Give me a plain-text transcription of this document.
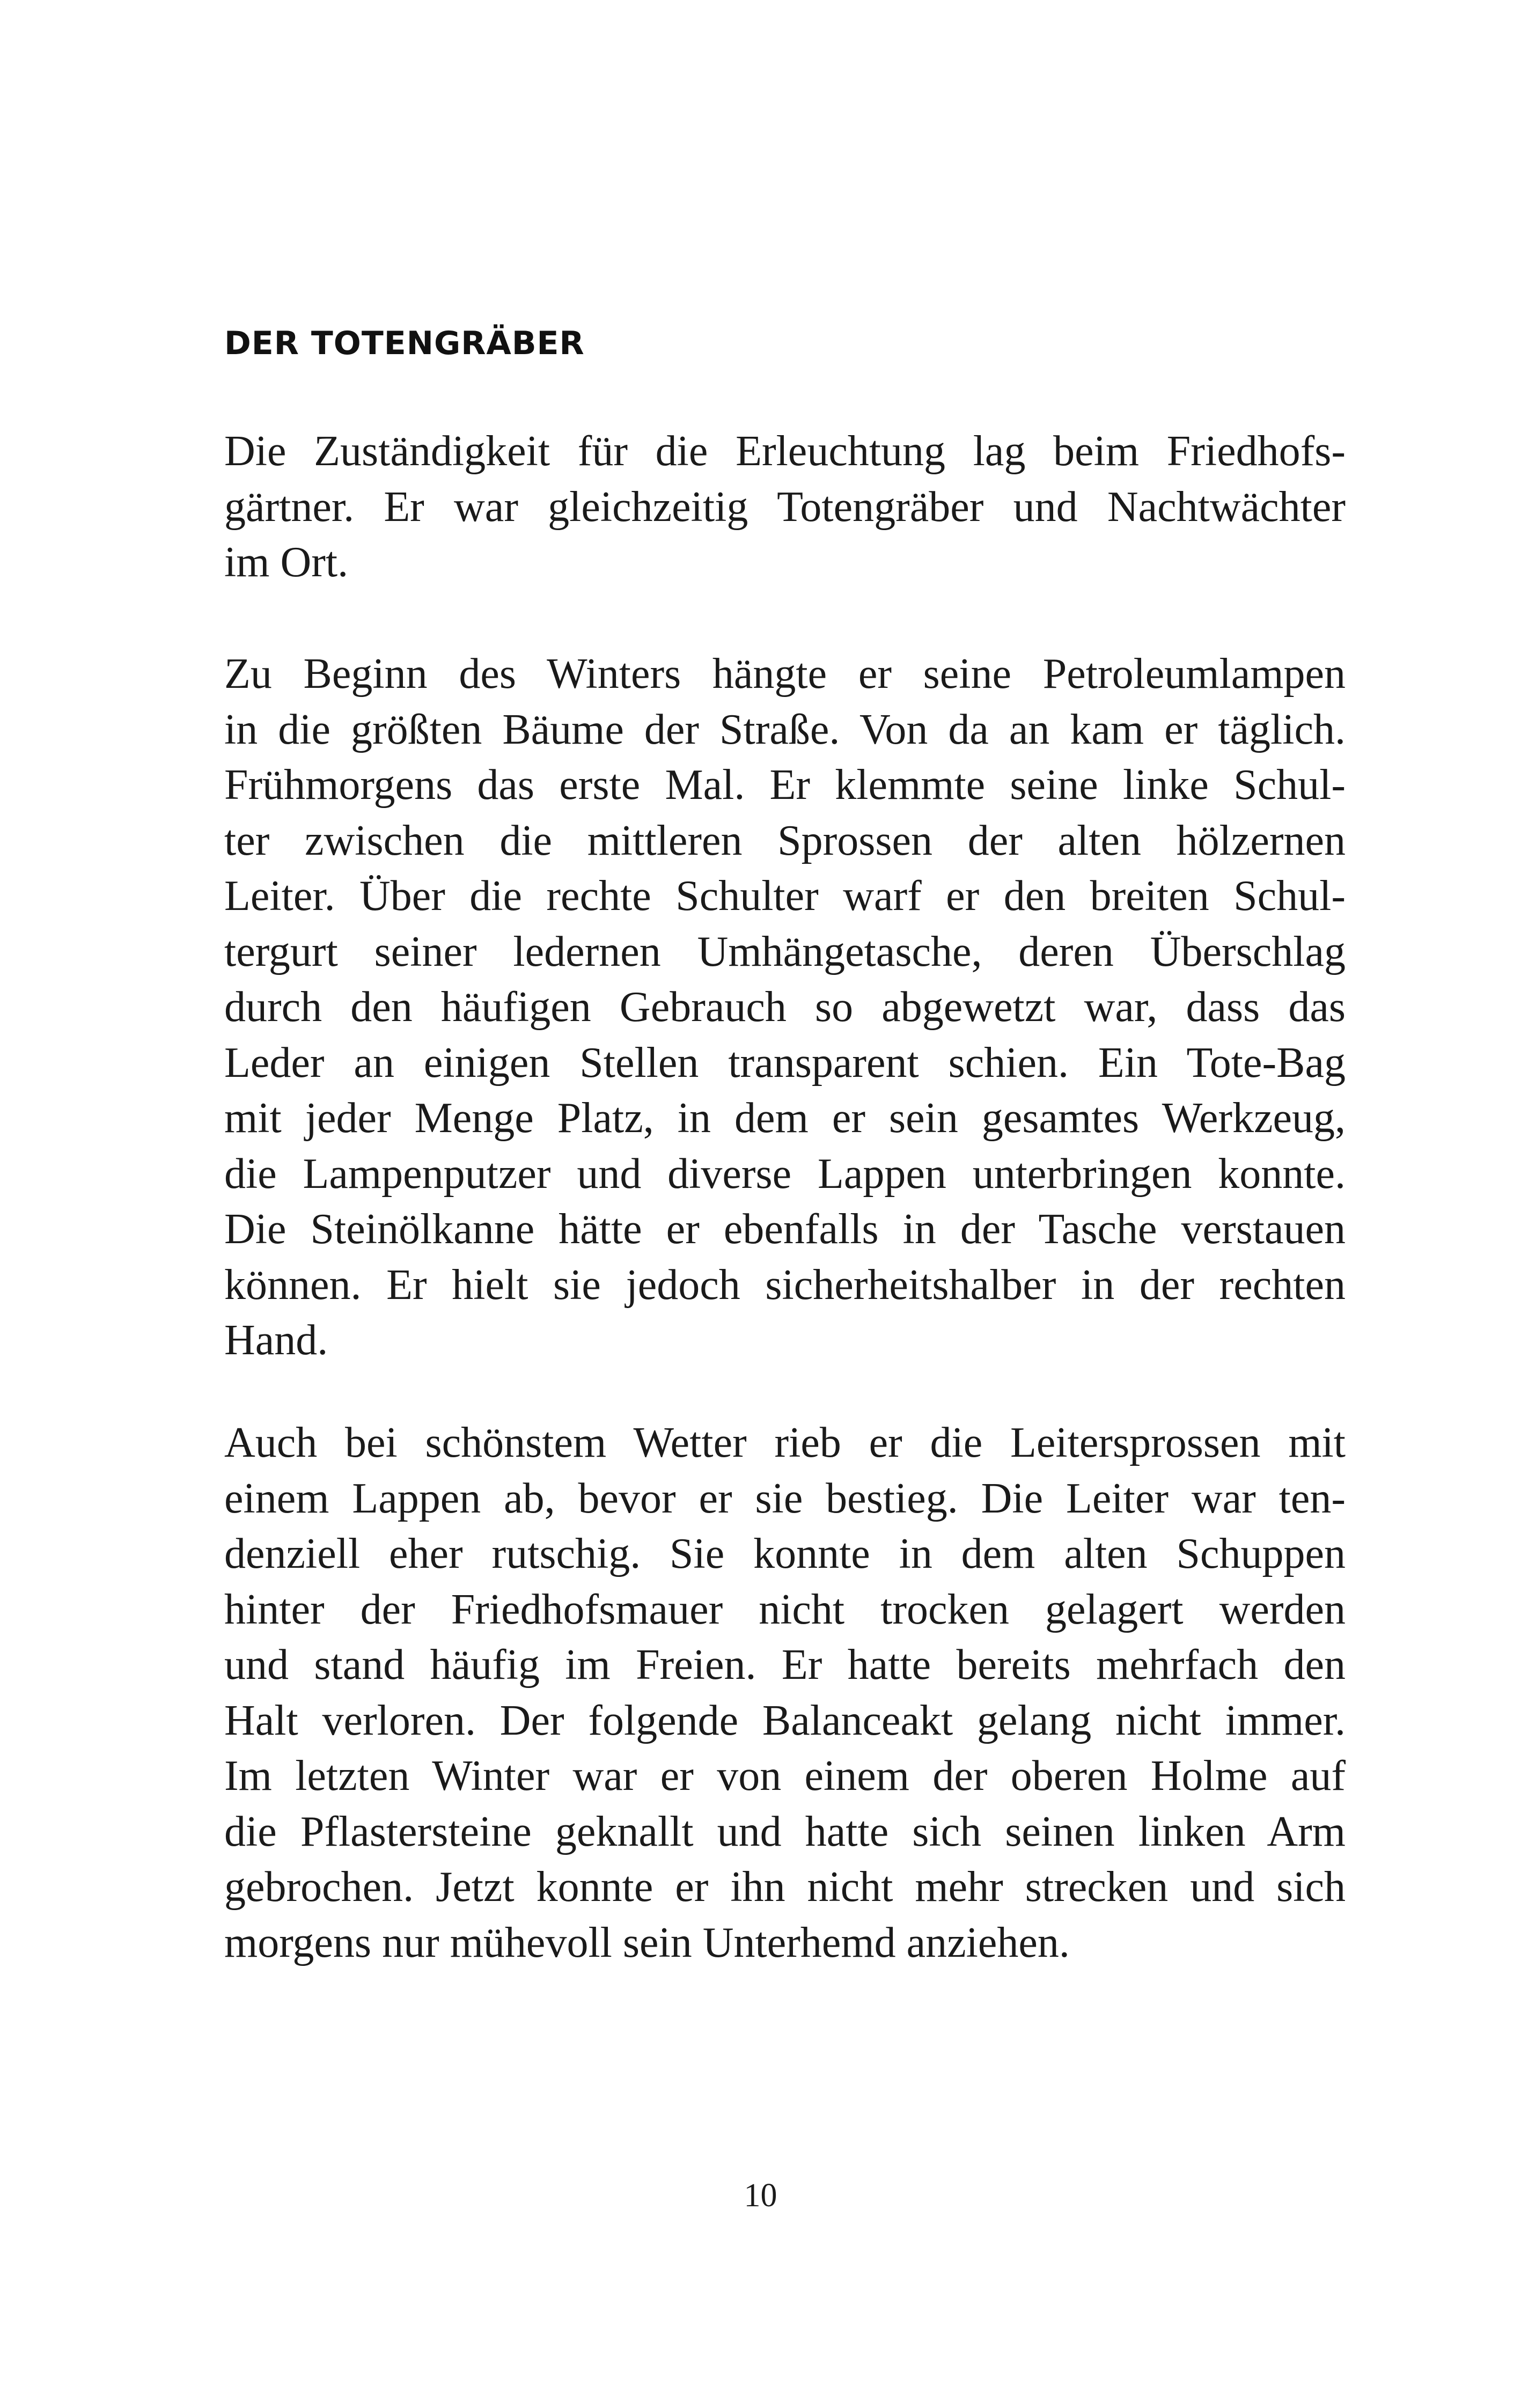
DER TOTENGRÄBER

Die Zuständigkeit für die Erleuchtung lag beim Friedhofs-
gärtner. Er war gleichzeitig Totengräber und Nachtwächter
im Ort.

Zu Beginn des Winters hängte er seine Petroleumlampen
in die größten Bäume der Straße. Von da an kam er täglich.
Frühmorgens das erste Mal. Er klemmte seine linke Schul-
ter zwischen die mittleren Sprossen der alten hölzernen
Leiter. Über die rechte Schulter warf er den breiten Schul-
tergurt seiner ledernen Umhängetasche, deren Überschlag
durch den häufigen Gebrauch so abgewetzt war, dass das
Leder an einigen Stellen transparent schien. Ein Tote-Bag
mit jeder Menge Platz, in dem er sein gesamtes Werkzeug,
die Lampenputzer und diverse Lappen unterbringen konnte.
Die Steinölkanne hätte er ebenfalls in der Tasche verstauen
können. Er hielt sie jedoch sicherheitshalber in der rechten
Hand.

Auch bei schönstem Wetter rieb er die Leitersprossen mit
einem Lappen ab, bevor er sie bestieg. Die Leiter war ten-
denziell eher rutschig. Sie konnte in dem alten Schuppen
hinter der Friedhofsmauer nicht trocken gelagert werden
und stand häufig im Freien. Er hatte bereits mehrfach den
Halt verloren. Der folgende Balanceakt gelang nicht immer.
Im letzten Winter war er von einem der oberen Holme auf
die Pflastersteine geknallt und hatte sich seinen linken Arm
gebrochen. Jetzt konnte er ihn nicht mehr strecken und sich
morgens nur mühevoll sein Unterhemd anziehen.

10
